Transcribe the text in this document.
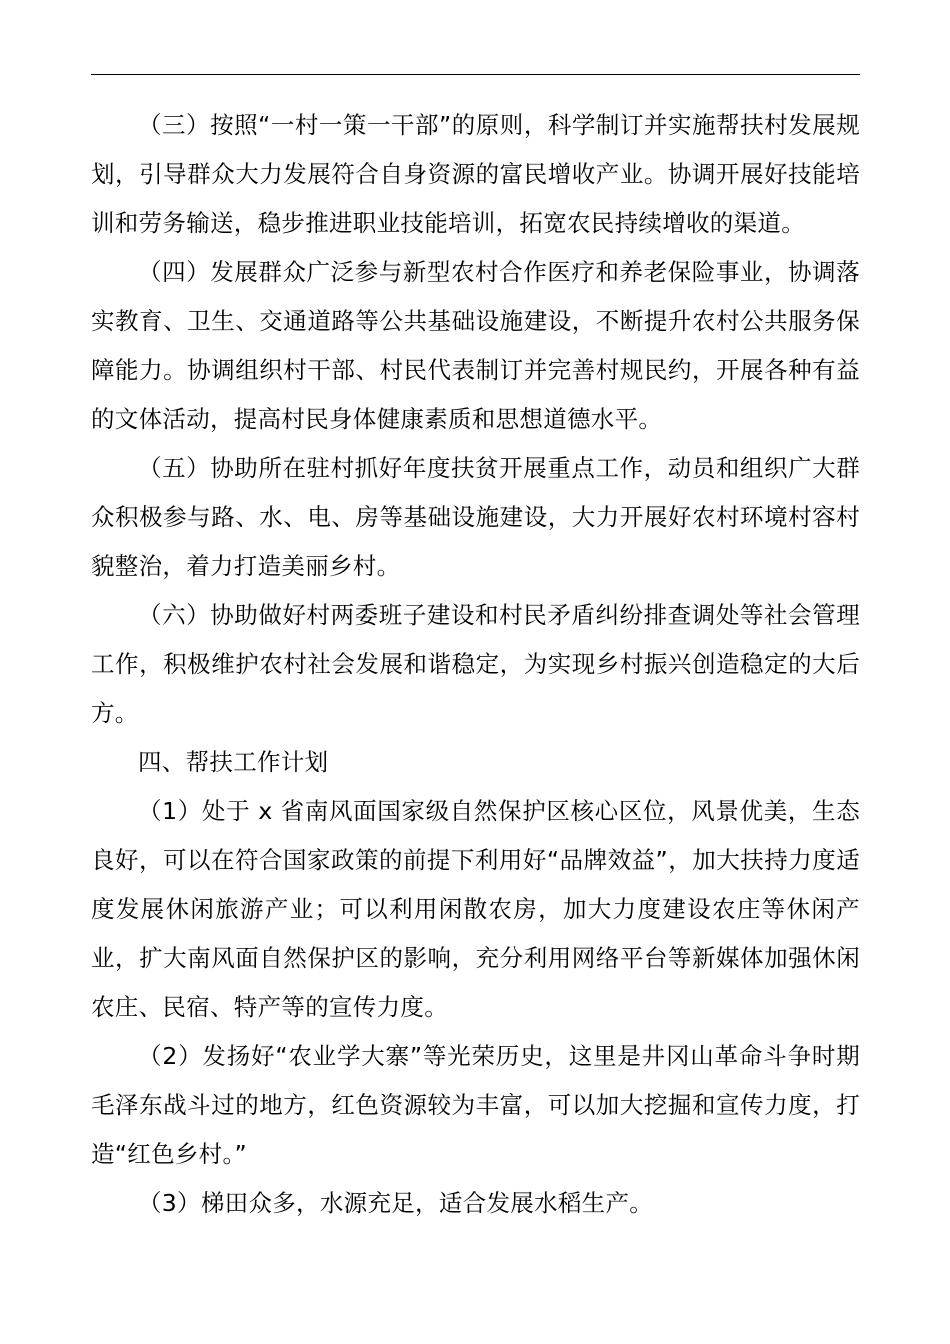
（三）按照“一村一策一干部”的原则，科学制订并实施帮扶村发展规划，引导群众大力发展符合自身资源的富民增收产业。协调开展好技能培训和劳务输送，稳步推进职业技能培训，拓宽农民持续增收的渠道。

（四）发展群众广泛参与新型农村合作医疗和养老保险事业，协调落实教育、卫生、交通道路等公共基础设施建设，不断提升农村公共服务保障能力。协调组织村干部、村民代表制订并完善村规民约，开展各种有益的文体活动，提高村民身体健康素质和思想道德水平。

（五）协助所在驻村抓好年度扶贫开展重点工作，动员和组织广大群众积极参与路、水、电、房等基础设施建设，大力开展好农村环境村容村貌整治，着力打造美丽乡村。

（六）协助做好村两委班子建设和村民矛盾纠纷排查调处等社会管理工作，积极维护农村社会发展和谐稳定，为实现乡村振兴创造稳定的大后方。

四、帮扶工作计划

（1）处于 x 省南风面国家级自然保护区核心区位，风景优美，生态良好，可以在符合国家政策的前提下利用好“品牌效益”，加大扶持力度适度发展休闲旅游产业；可以利用闲散农房，加大力度建设农庄等休闲产业，扩大南风面自然保护区的影响，充分利用网络平台等新媒体加强休闲农庄、民宿、特产等的宣传力度。

（2）发扬好“农业学大寨”等光荣历史，这里是井冈山革命斗争时期毛泽东战斗过的地方，红色资源较为丰富，可以加大挖掘和宣传力度，打造“红色乡村。”

（3）梯田众多，水源充足，适合发展水稻生产。
